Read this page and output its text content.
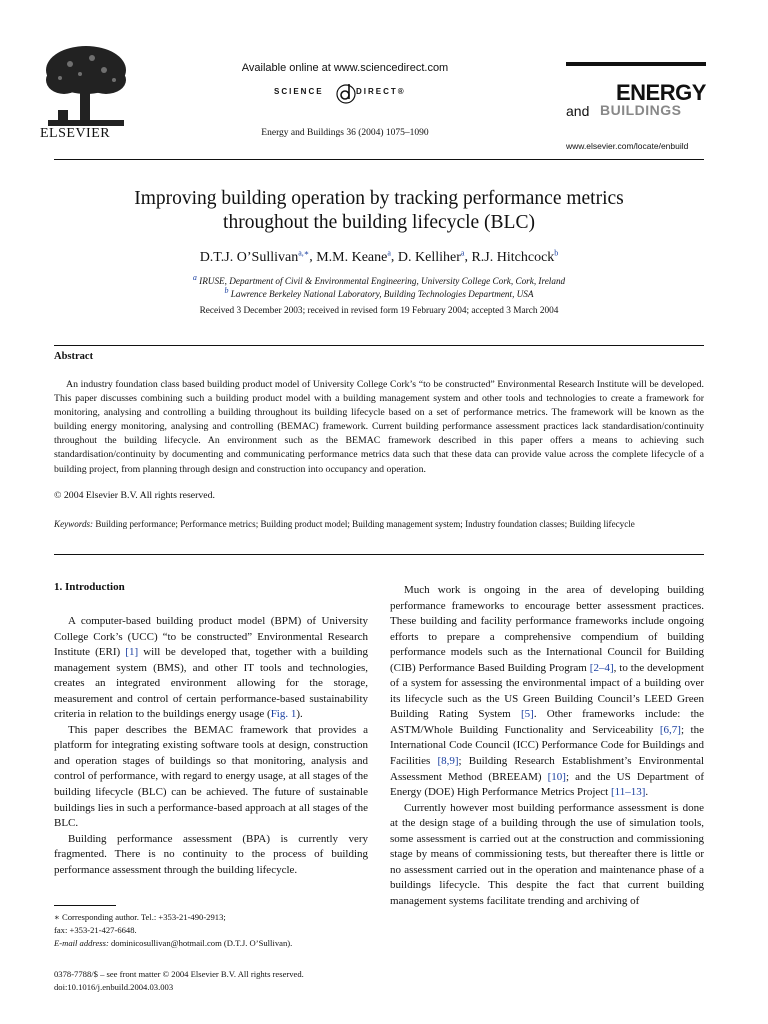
ELSEVIER
Available online at www.sciencedirect.com
SCIENCE	DIRECT®
Energy and Buildings 36 (2004) 1075–1090
ENERGY
and BUILDINGS
www.elsevier.com/locate/enbuild
Improving building operation by tracking performance metrics
throughout the building lifecycle (BLC)
D.T.J. O’Sullivan$^{a,∗}$, M.M. Keane$^a$, D. Kelliher$^a$, R.J. Hitchcock$^b$
$^a$ IRUSE, Department of Civil & Environmental Engineering, University College Cork, Cork, Ireland
$^b$ Lawrence Berkeley National Laboratory, Building Technologies Department, USA
Received 3 December 2003; received in revised form 19 February 2004; accepted 3 March 2004
Abstract
An industry foundation class based building product model of University College Cork’s “to be constructed” Environmental Research Institute will be developed. This paper discusses combining such a building product model with a building management system and other tools and technologies to create a framework for monitoring, analysing and controlling a building throughout its building lifecycle based on a set of performance metrics. The framework will be known as the building energy monitoring, analysing and controlling (BEMAC) framework. Current building performance assessment practices lack standardisation/continuity throughout the building lifecycle. An environment such as the BEMAC framework described in this paper offers a means to achieving such standardisation/continuity by documenting and communicating performance metrics data such that these data can provide value across the complete lifecycle of a building project, from planning through design and construction into occupancy and operation.
© 2004 Elsevier B.V. All rights reserved.
Keywords: Building performance; Performance metrics; Building product model; Building management system; Industry foundation classes; Building lifecycle
1. Introduction

A computer-based building product model (BPM) of University College Cork’s (UCC) “to be constructed” Environmental Research Institute (ERI) [1] will be developed that, together with a building management system (BMS), and other IT tools and technologies, creates an integrated environment allowing for the storage, measurement and control of certain performance-based sustainability criteria in relation to the buildings energy usage (Fig. 1).

This paper describes the BEMAC framework that provides a platform for integrating existing software tools at design, construction and operation stages of buildings so that monitoring, analysis and control of performance, with regard to energy usage, at all stages of the building lifecycle (BLC) can be achieved. The future of sustainable buildings lies in such a performance-based approach at all stages of the BLC.

Building performance assessment (BPA) is currently very fragmented. There is no continuity to the process of building performance assessment through the building lifecycle.

Much work is ongoing in the area of developing building performance frameworks to encourage better assessment practices. These building and facility performance frameworks include ongoing efforts to prepare a comprehensive compendium of building performance models such as the International Council for Building (CIB) Performance Based Building Program [2–4], to the development of a system for assessing the environmental impact of a building over its lifecycle such as the US Green Building Council’s LEED Green Building Rating System [5]. Other frameworks include: the ASTM/Whole Building Functionality and Serviceability [6,7]; the International Code Council (ICC) Performance Code for Buildings and Facilities [8,9]; Building Research Establishment’s Environmental Assessment Method (BREEAM) [10]; and the US Department of Energy (DOE) High Performance Metrics Project [11–13].

Currently however most building performance assessment is done at the design stage of a building through the use of simulation tools, some assessment is carried out at the construction and commissioning stage by means of commissioning tests, but thereafter there is little or no assessment carried out in the operation and maintenance phase of a buildings lifecycle. This despite the fact that current building management systems facilitate trending and archiving of

∗ Corresponding author. Tel.: +353-21-490-2913;
fax: +353-21-427-6648.
E-mail address: dominicosullivan@hotmail.com (D.T.J. O’Sullivan).
0378-7788/$ – see front matter © 2004 Elsevier B.V. All rights reserved.
doi:10.1016/j.enbuild.2004.03.003
